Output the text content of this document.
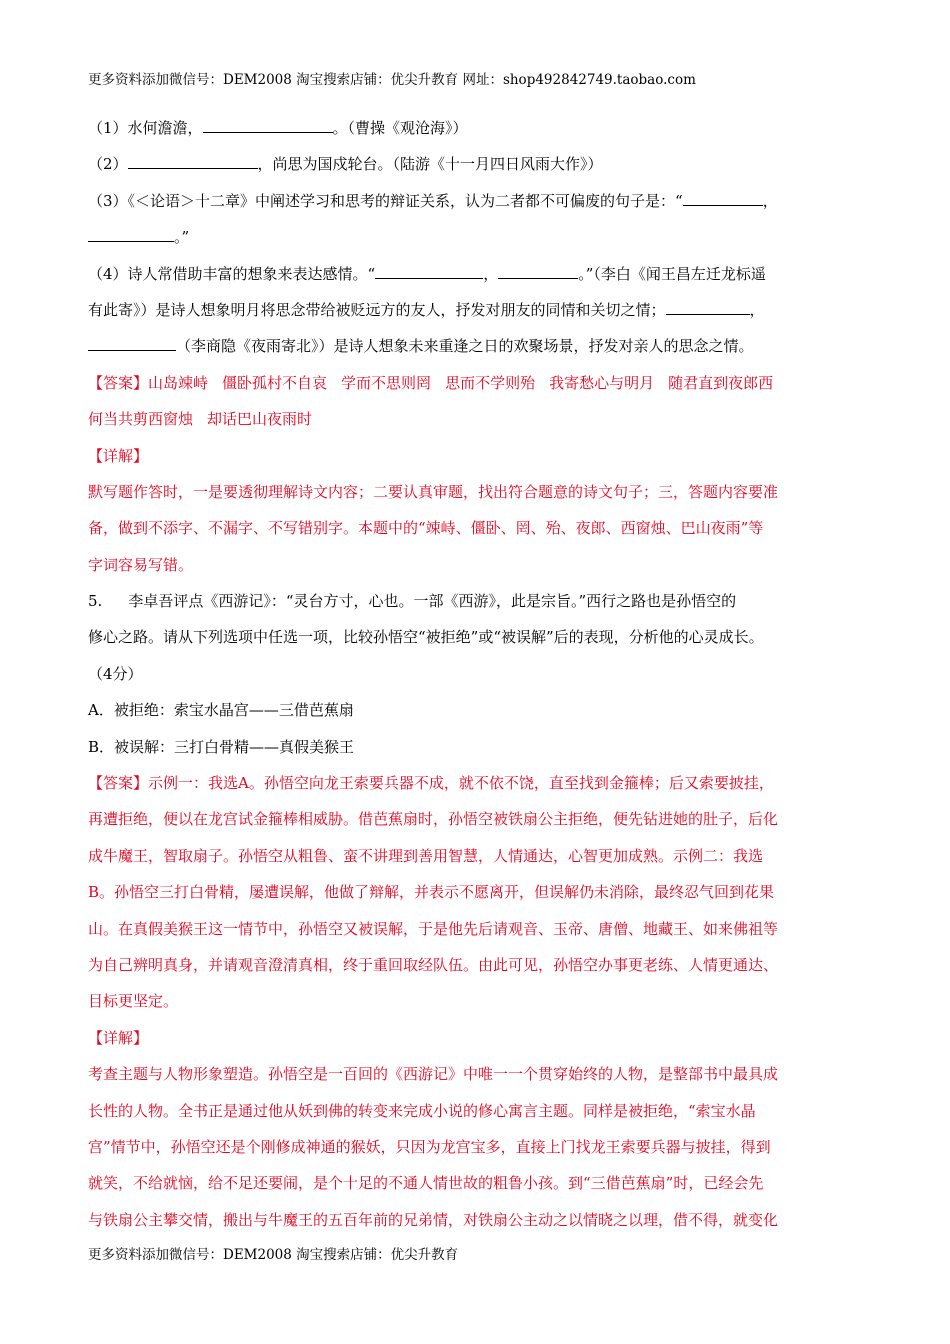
更多资料添加微信号：DEM2008 淘宝搜索店铺：优尖升教育 网址：shop492842749.taobao.com
（1）水何澹澹，	。（曹操《观沧海》）
（2）	，尚思为国戍轮台。（陆游《十一月四日风雨大作》）
（3）《＜论语＞十二章》中阐述学习和思考的辩证关系，认为二者都不可偏废的句子是：“	，
。”
（4）诗人常借助丰富的想象来表达感情。“	，	。”（李白《闻王昌左迁龙标遥
有此寄》）是诗人想象明月将思念带给被贬远方的友人，抒发对朋友的同情和关切之情；	，
（李商隐《夜雨寄北》）是诗人想象未来重逢之日的欢聚场景，抒发对亲人的思念之情。
【答案】山岛竦峙 僵卧孤村不自哀 学而不思则罔 思而不学则殆 我寄愁心与明月 随君直到夜郎西
何当共剪西窗烛 却话巴山夜雨时
【详解】
默写题作答时，一是要透彻理解诗文内容；二要认真审题，找出符合题意的诗文句子；三，答题内容要准
备，做到不添字、不漏字、不写错别字。本题中的“竦峙、僵卧、罔、殆、夜郎、西窗烛、巴山夜雨”等
字词容易写错。
5. 李卓吾评点《西游记》：“灵台方寸，心也。一部《西游》，此是宗旨。”西行之路也是孙悟空的
修心之路。请从下列选项中任选一项，比较孙悟空“被拒绝”或“被误解”后的表现，分析他的心灵成长。
（4分）
A．被拒绝：索宝水晶宫——三借芭蕉扇
B．被误解：三打白骨精——真假美猴王
【答案】示例一：我选A。孙悟空向龙王索要兵器不成，就不依不饶，直至找到金箍棒；后又索要披挂，
再遭拒绝，便以在龙宫试金箍棒相威胁。借芭蕉扇时，孙悟空被铁扇公主拒绝，便先钻进她的肚子，后化
成牛魔王，智取扇子。孙悟空从粗鲁、蛮不讲理到善用智慧，人情通达，心智更加成熟。示例二：我选
B。孙悟空三打白骨精，屡遭误解，他做了辩解，并表示不愿离开，但误解仍未消除，最终忍气回到花果
山。在真假美猴王这一情节中，孙悟空又被误解，于是他先后请观音、玉帝、唐僧、地藏王、如来佛祖等
为自己辨明真身，并请观音澄清真相，终于重回取经队伍。由此可见，孙悟空办事更老练、人情更通达、
目标更坚定。
【详解】
考查主题与人物形象塑造。孙悟空是一百回的《西游记》中唯一一个贯穿始终的人物，是整部书中最具成
长性的人物。全书正是通过他从妖到佛的转变来完成小说的修心寓言主题。同样是被拒绝，“索宝水晶
宫”情节中，孙悟空还是个刚修成神通的猴妖，只因为龙宫宝多，直接上门找龙王索要兵器与披挂，得到
就笑，不给就恼，给不足还要闹，是个十足的不通人情世故的粗鲁小孩。到“三借芭蕉扇”时，已经会先
与铁扇公主攀交情，搬出与牛魔王的五百年前的兄弟情，对铁扇公主动之以情晓之以理，借不得，就变化
更多资料添加微信号：DEM2008 淘宝搜索店铺：优尖升教育
